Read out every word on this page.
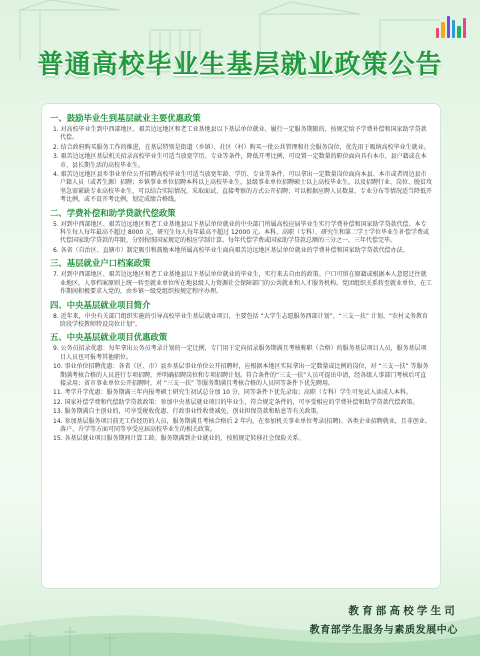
普通高校毕业生基层就业政策公告
一、鼓励毕业生到基层就业主要优惠政策
1. 对高校毕业生到中西部地区、艰苦边远地区和老工业基地县以下基层单位就业、履行一定服务期限的，按规定给予学费补偿和国家助学贷款代偿。
2. 结合政府购买服务工作的推进，在基层特别是街道（乡镇）、社区（村）购买一批公共管理和社会服务岗位，优先用于吸纳高校毕业生就业。
3. 艰苦边远地区基层机关招录高校毕业生可适当放宽学历、专业等条件，降低开考比例，可设置一定数量的职位面向具有本市、县户籍或在本市、县长期生活的高校毕业生。
4. 艰苦边远地区县乡事业单位公开招聘高校毕业生可适当放宽年龄、学历、专业等条件，可以拿出一定数量岗位面向本县、本市或者周边县市户籍人员（或者生源）招聘；乡镇事业单位招聘本科以上高校毕业生，县级事业单位招聘硕士以上高校毕业生，以及招聘行业、岗位、脱贫攻坚急需紧缺专业高校毕业生，可以结合实际情况，采取面试、直接考察的方式公开招聘；可以根据应聘人员数量、专业分布等情况适当降低开考比例，或不设开考比例，划定成绩合格线。
二、学费补偿和助学贷款代偿政策
5. 对到中西部地区、艰苦边远地区和老工业基地县以下基层单位就业的中央部门所属高校应届毕业生实行学费补偿和国家助学贷款代偿。本专科生每人每年最高不超过 8000 元，研究生每人每年最高不超过 12000 元。本科、高职（专科）、研究生和第二学士学位毕业生补偿学费或代偿国家助学贷款的年限，分别按照国家规定的相应学制计算。每年代偿学费或国家助学贷款总额的三分之一，三年代偿完毕。
6. 各省（自治区、直辖市）制定吸引和鼓励本地所属高校毕业生面向艰苦边远地区基层单位就业的学费补偿和国家助学贷款代偿办法。
三、基层就业户口档案政策
7. 对到中西部地区、艰苦边远地区和老工业基地县以下基层单位就业的毕业生，实行来去自由的政策。户口可留在原籍或根据本人意愿迁往就业地区。人事档案原则上统一转至就业单位所在地县级人力资源社会保障部门的公共就业和人才服务机构。党团组织关系转至就业单位，在工作期间积极要求入党的，由乡镇一级党组织按规定程序办理。
四、中央基层就业项目简介
8. 近年来，中央有关部门组织实施的引导高校毕业生基层就业项目，主要包括 “大学生志愿服务西部计划”、“三支一扶” 计划、“农村义务教育阶段学校教师特设岗位计划”。
五、中央基层就业项目优惠政策
9. 公务员招录优惠：每年拿出公务员考录计划的一定比例，专门用于定向招录服务期满且考核称职（合格）的服务基层项目人员，服务基层项目人员也可报考其他职位。
10. 事业单位招聘优惠：各省（区、市）县乡基层事业单位公开招聘时，应根据本地区实际拿出一定数量或比例的岗位，对 “三支一扶” 等服务期满考核合格的人员进行专项招聘，并明确招聘岗位和专项招聘计划。符合条件的“三支一扶”人员可提出申请，经各级人事部门考核后可直接录用；省市事业单位公开招聘时，对 “三支一扶” 等服务期满且考核合格的人员同等条件下优先聘用。
11. 考学升学优惠：服务期满三年内报考硕士研究生初试总分加 10 分，同等条件下优先录取；高职（专科）学生可免试入读成人本科。
12. 国家补偿学费和代偿助学贷款政策：参加中央基层就业项目的毕业生，符合规定条件的，可享受相应的学费补偿和助学贷款代偿政策。
13. 服务期满自主创业的，可享受税收优惠、行政事业性收费减免、创业担保贷款和贴息等有关政策。
14. 参加基层服务项目前无工作经历的人员，服务期满且考核合格后 2 年内，在参加机关事业单位考录(招聘)、各类企业招聘就业，且非创业、落户、升学等方面可同等享受应届高校毕业生的相关政策。
15. 各基层就业项目服务期间计算工龄。服务期满到企业就业的，按照规定转移社会保险关系。
教育部高校学生司
教育部学生服务与素质发展中心
